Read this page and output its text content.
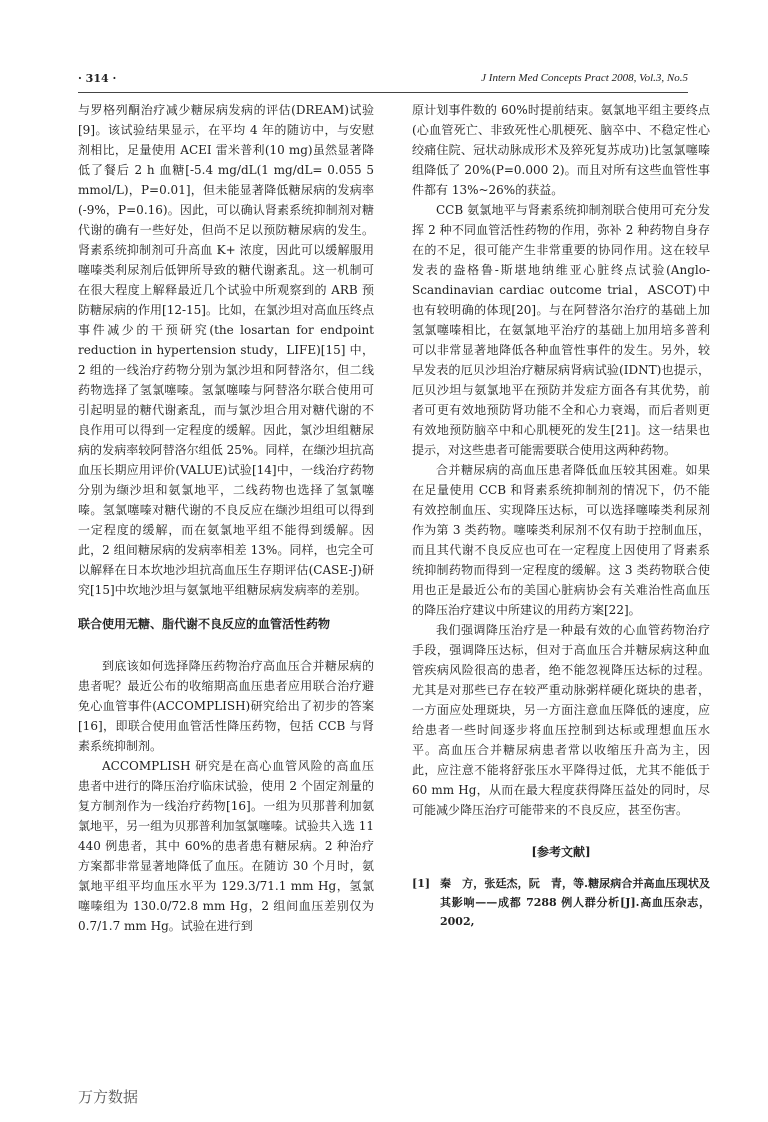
· 314 ·	J Intern Med Concepts Pract 2008, Vol.3, No.5

与罗格列酮治疗减少糖尿病发病的评估(DREAM)试验[9]。该试验结果显示，在平均 4 年的随访中，与安慰剂相比，足量使用 ACEI 雷米普利(10 mg)虽然显著降低了餐后 2 h 血糖[-5.4 mg/dL(1 mg/dL= 0.055 5 mmol/L)，P=0.01]，但未能显著降低糖尿病的发病率(-9%，P=0.16)。因此，可以确认肾素系统抑制剂对糖代谢的确有一些好处，但尚不足以预防糖尿病的发生。肾素系统抑制剂可升高血 K+ 浓度，因此可以缓解服用噻嗪类利尿剂后低钾所导致的糖代谢紊乱。这一机制可在很大程度上解释最近几个试验中所观察到的 ARB 预防糖尿病的作用[12-15]。比如，在氯沙坦对高血压终点事件减少的干预研究(the losartan for endpoint reduction in hypertension study，LIFE)[15] 中，2 组的一线治疗药物分别为氯沙坦和阿替洛尔，但二线药物选择了氢氯噻嗪。氢氯噻嗪与阿替洛尔联合使用可引起明显的糖代谢紊乱，而与氯沙坦合用对糖代谢的不良作用可以得到一定程度的缓解。因此，氯沙坦组糖尿病的发病率较阿替洛尔组低 25%。同样，在缬沙坦抗高血压长期应用评价(VALUE)试验[14]中，一线治疗药物分别为缬沙坦和氨氯地平，二线药物也选择了氢氯噻嗪。氢氯噻嗪对糖代谢的不良反应在缬沙坦组可以得到一定程度的缓解，而在氨氯地平组不能得到缓解。因此，2 组间糖尿病的发病率相差 13%。同样，也完全可以解释在日本坎地沙坦抗高血压生存期评估(CASE-J)研究[15]中坎地沙坦与氨氯地平组糖尿病发病率的差别。

联合使用无糖、脂代谢不良反应的血管活性药物

到底该如何选择降压药物治疗高血压合并糖尿病的患者呢？最近公布的收缩期高血压患者应用联合治疗避免心血管事件(ACCOMPLISH)研究给出了初步的答案[16]，即联合使用血管活性降压药物，包括 CCB 与肾素系统抑制剂。

ACCOMPLISH 研究是在高心血管风险的高血压患者中进行的降压治疗临床试验，使用 2 个固定剂量的复方制剂作为一线治疗药物[16]。一组为贝那普利加氨氯地平，另一组为贝那普利加氢氯噻嗪。试验共入选 11 440 例患者，其中 60%的患者患有糖尿病。2 种治疗方案都非常显著地降低了血压。在随访 30 个月时，氨氯地平组平均血压水平为 129.3/71.1 mm Hg，氢氯噻嗪组为 130.0/72.8 mm Hg，2 组间血压差别仅为 0.7/1.7 mm Hg。试验在进行到

原计划事件数的 60%时提前结束。氨氯地平组主要终点(心血管死亡、非致死性心肌梗死、脑卒中、不稳定性心绞痛住院、冠状动脉成形术及猝死复苏成功)比氢氯噻嗪组降低了 20%(P=0.000 2)。而且对所有这些血管性事件都有 13%~26%的获益。

CCB 氨氯地平与肾素系统抑制剂联合使用可充分发挥 2 种不同血管活性药物的作用，弥补 2 种药物自身存在的不足，很可能产生非常重要的协同作用。这在较早发表的盎格鲁-斯堪地纳维亚心脏终点试验(Anglo-Scandinavian cardiac outcome trial，ASCOT)中也有较明确的体现[20]。与在阿替洛尔治疗的基础上加氢氯噻嗪相比，在氨氯地平治疗的基础上加用培多普利可以非常显著地降低各种血管性事件的发生。另外，较早发表的厄贝沙坦治疗糖尿病肾病试验(IDNT)也提示，厄贝沙坦与氨氯地平在预防并发症方面各有其优势，前者可更有效地预防肾功能不全和心力衰竭，而后者则更有效地预防脑卒中和心肌梗死的发生[21]。这一结果也提示，对这些患者可能需要联合使用这两种药物。

合并糖尿病的高血压患者降低血压较其困难。如果在足量使用 CCB 和肾素系统抑制剂的情况下，仍不能有效控制血压、实现降压达标，可以选择噻嗪类利尿剂作为第 3 类药物。噻嗪类利尿剂不仅有助于控制血压，而且其代谢不良反应也可在一定程度上因使用了肾素系统抑制药物而得到一定程度的缓解。这 3 类药物联合使用也正是最近公布的美国心脏病协会有关难治性高血压的降压治疗建议中所建议的用药方案[22]。

我们强调降压治疗是一种最有效的心血管药物治疗手段，强调降压达标，但对于高血压合并糖尿病这种血管疾病风险很高的患者，绝不能忽视降压达标的过程。尤其是对那些已存在较严重动脉粥样硬化斑块的患者，一方面应处理斑块，另一方面注意血压降低的速度，应给患者一些时间逐步将血压控制到达标或理想血压水平。高血压合并糖尿病患者常以收缩压升高为主，因此，应注意不能将舒张压水平降得过低，尤其不能低于 60 mm Hg，从而在最大程度获得降压益处的同时，尽可能减少降压治疗可能带来的不良反应，甚至伤害。

[参考文献]
[1] 秦　方，张廷杰，阮　青，等.糖尿病合并高血压现状及其影响——成都 7288 例人群分析[J].高血压杂志，2002,
万方数据
